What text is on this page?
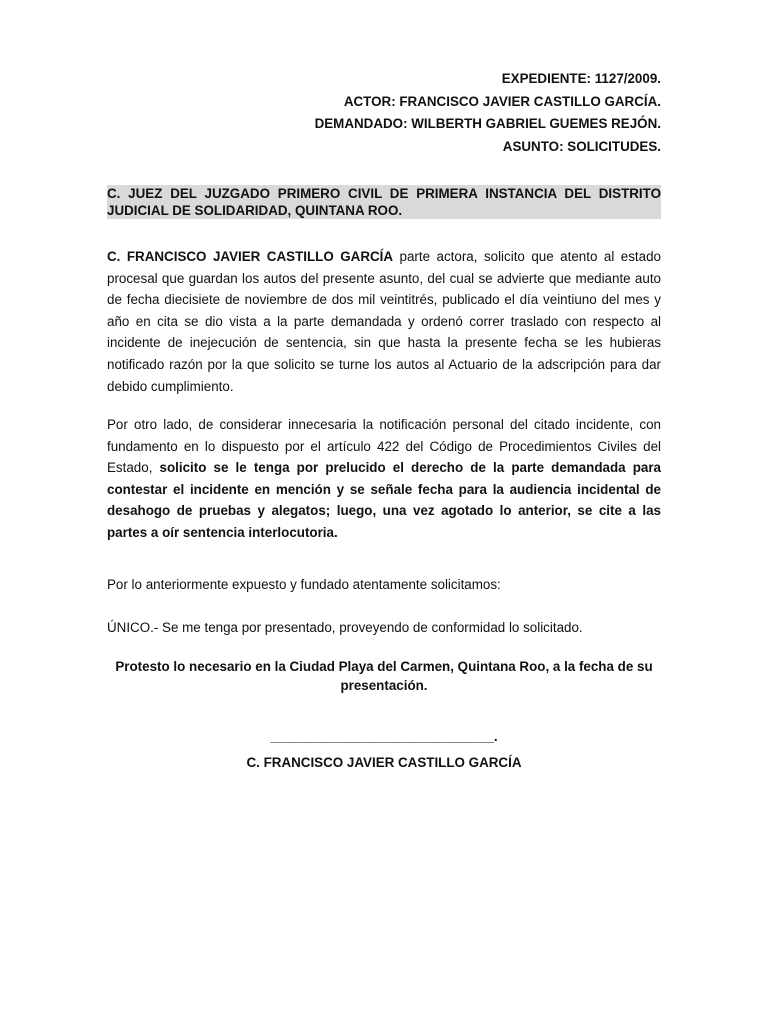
EXPEDIENTE: 1127/2009.
ACTOR: FRANCISCO JAVIER CASTILLO GARCÍA.
DEMANDADO: WILBERTH GABRIEL GUEMES REJÓN.
ASUNTO: SOLICITUDES.
C. JUEZ DEL JUZGADO PRIMERO CIVIL DE PRIMERA INSTANCIA DEL DISTRITO JUDICIAL DE SOLIDARIDAD, QUINTANA ROO.
C. FRANCISCO JAVIER CASTILLO GARCÍA parte actora, solicito que atento al estado procesal que guardan los autos del presente asunto, del cual se advierte que mediante auto de fecha diecisiete de noviembre de dos mil veintitrés, publicado el día veintiuno del mes y año en cita se dio vista a la parte demandada y ordenó correr traslado con respecto al incidente de inejecución de sentencia, sin que hasta la presente fecha se les hubieras notificado razón por la que solicito se turne los autos al Actuario de la adscripción para dar debido cumplimiento.
Por otro lado, de considerar innecesaria la notificación personal del citado incidente, con fundamento en lo dispuesto por el artículo 422 del Código de Procedimientos Civiles del Estado, solicito se le tenga por prelucido el derecho de la parte demandada para contestar el incidente en mención y se señale fecha para la audiencia incidental de desahogo de pruebas y alegatos; luego, una vez agotado lo anterior, se cite a las partes a oír sentencia interlocutoria.
Por lo anteriormente expuesto y fundado atentamente solicitamos:
ÚNICO.- Se me tenga por presentado, proveyendo de conformidad lo solicitado.
Protesto lo necesario en la Ciudad Playa del Carmen, Quintana Roo, a la fecha de su presentación.
______________________________.
C. FRANCISCO JAVIER CASTILLO GARCÍA
